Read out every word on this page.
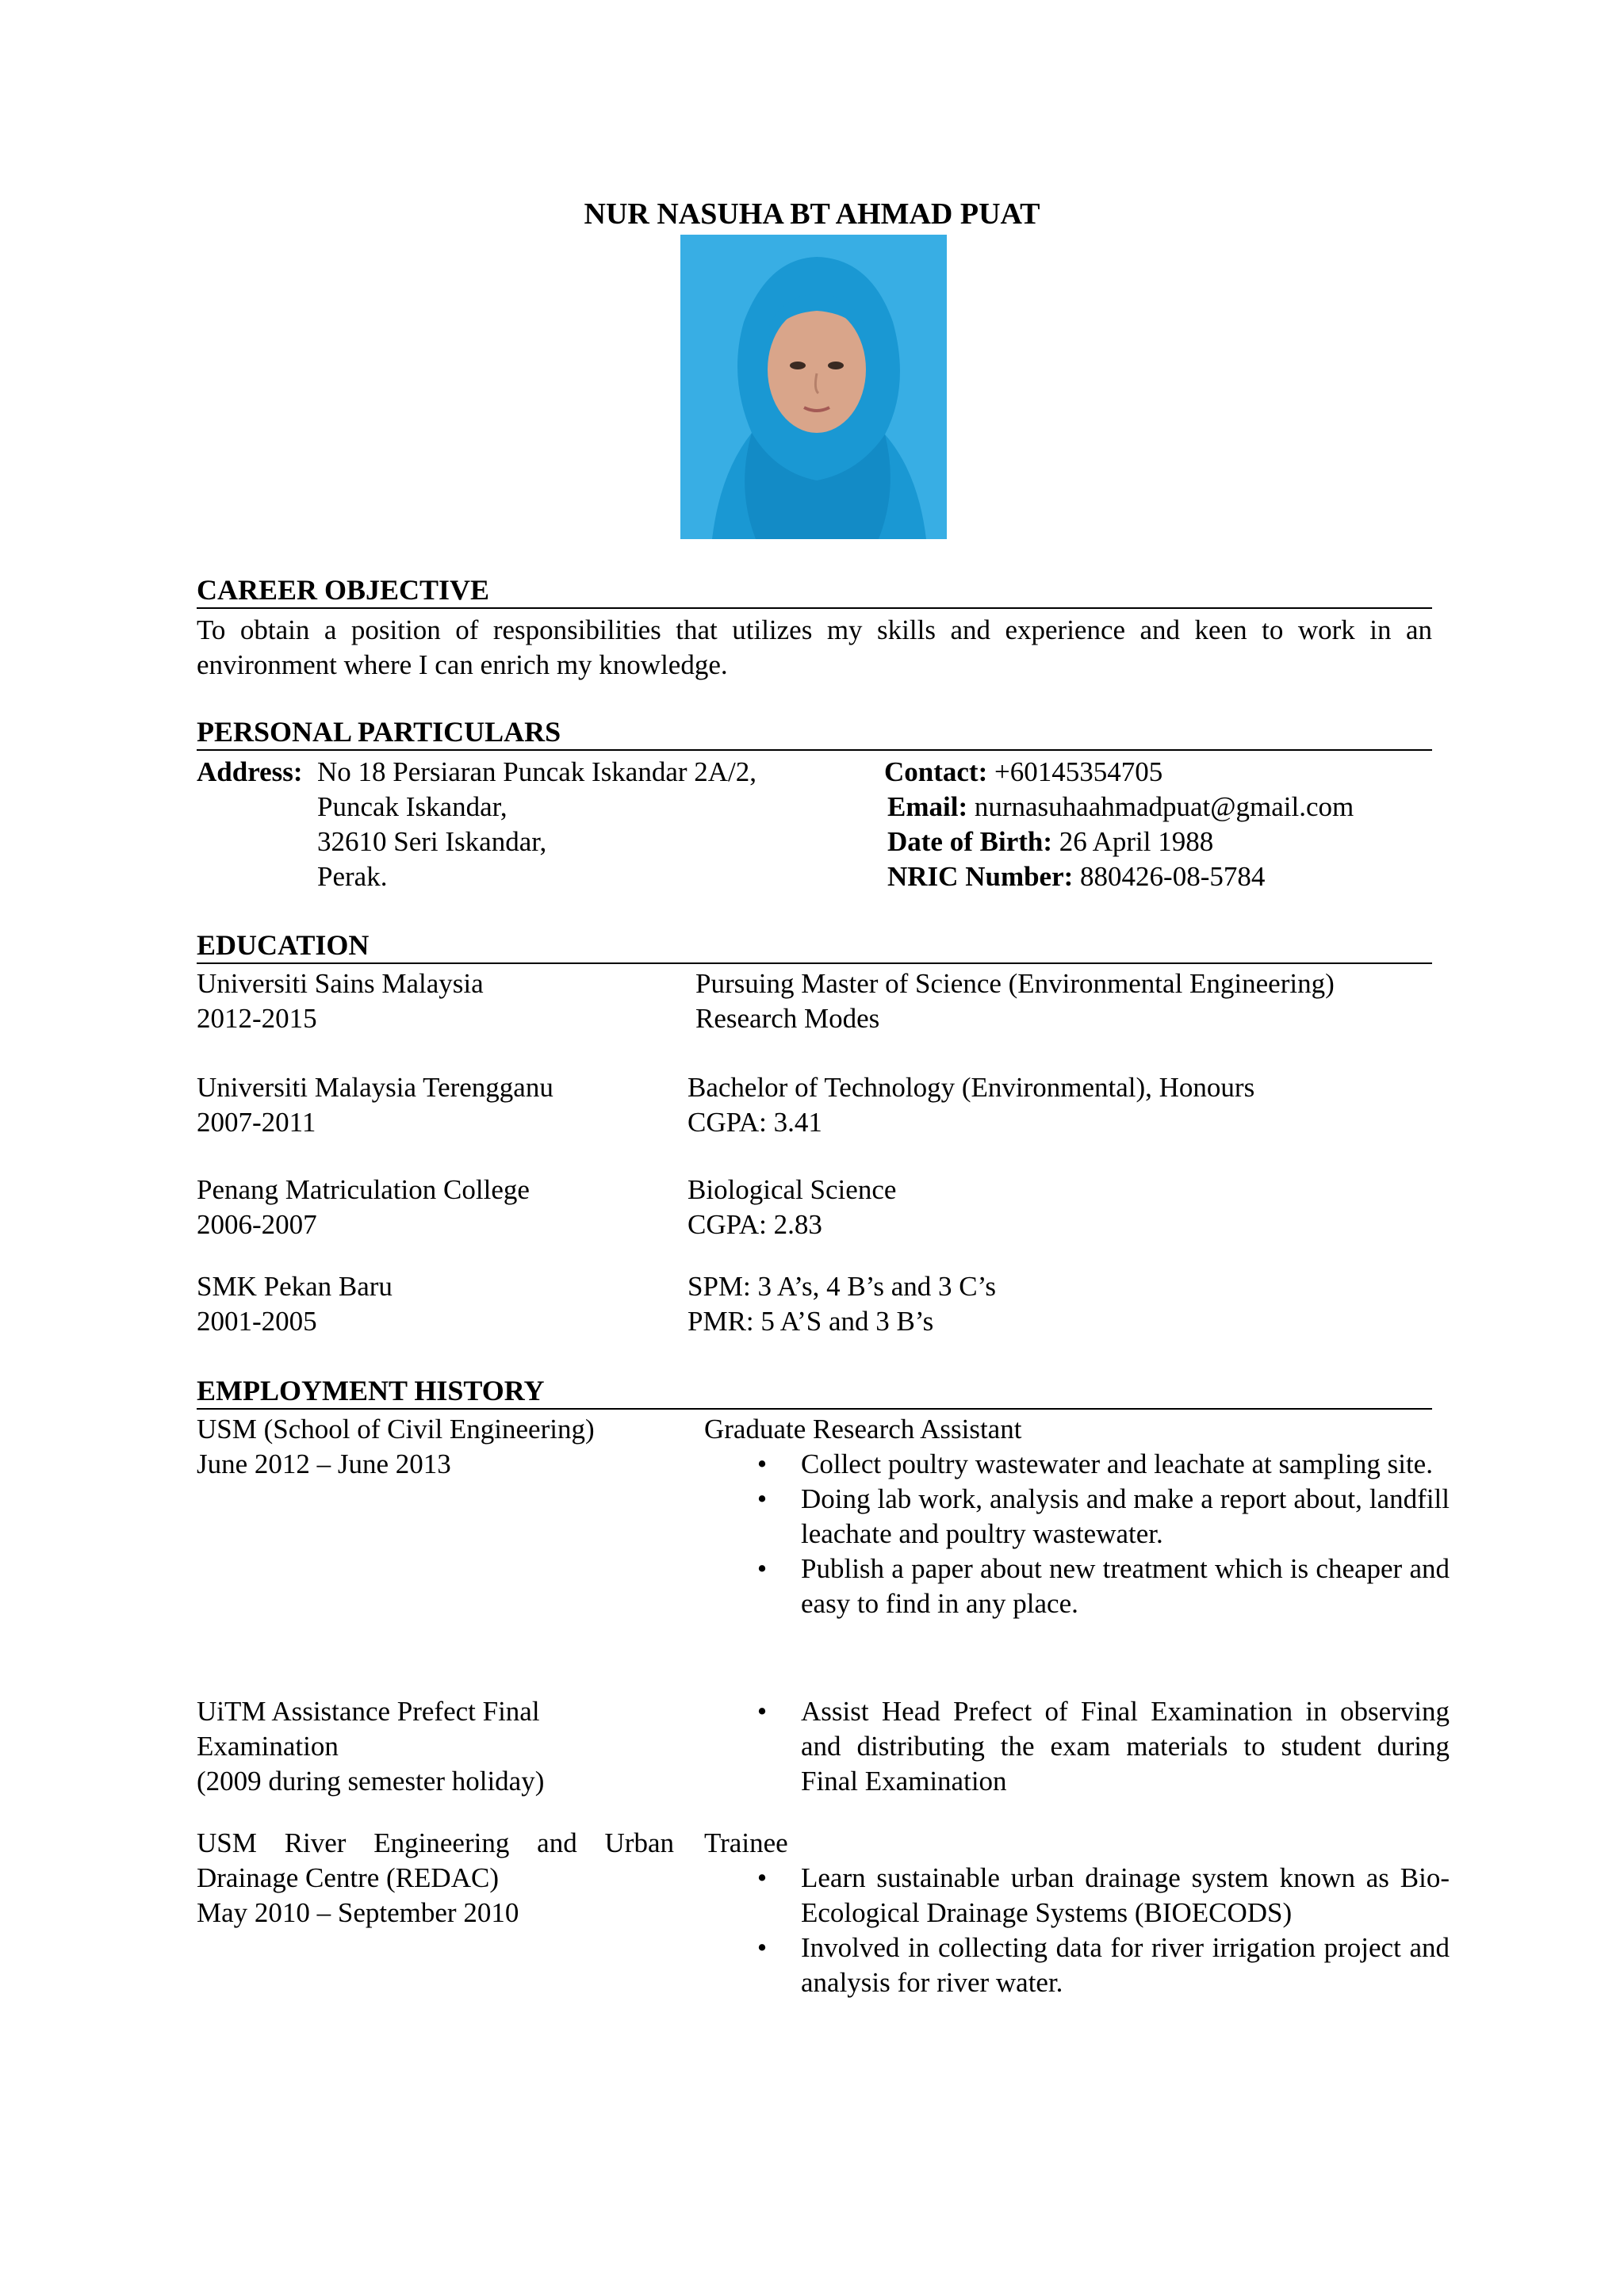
NUR NASUHA BT AHMAD PUAT
CAREER OBJECTIVE
To obtain a position of responsibilities that utilizes my skills and experience and keen to work in an
environment where I can enrich my knowledge.
PERSONAL PARTICULARS
Address: No 18 Persiaran Puncak Iskandar 2A/2,
Puncak Iskandar,
32610 Seri Iskandar,
Perak.
Contact: +60145354705
Email: nurnasuhaahmadpuat@gmail.com
Date of Birth: 26 April 1988
NRIC Number: 880426-08-5784
EDUCATION
Universiti Sains Malaysia
2012-2015
Pursuing Master of Science (Environmental Engineering)
Research Modes
Universiti Malaysia Terengganu
2007-2011
Bachelor of Technology (Environmental), Honours
CGPA: 3.41
Penang Matriculation College
2006-2007
Biological Science
CGPA: 2.83
SMK Pekan Baru
2001-2005
SPM: 3 A’s, 4 B’s and 3 C’s
PMR: 5 A’S and 3 B’s
EMPLOYMENT HISTORY
USM (School of Civil Engineering)
June 2012 – June 2013
Graduate Research Assistant
• Collect poultry wastewater and leachate at sampling site.
• Doing lab work, analysis and make a report about, landfill leachate and poultry wastewater.
• Publish a paper about new treatment which is cheaper and easy to find in any place.
UiTM Assistance Prefect Final
Examination
(2009 during semester holiday)
• Assist Head Prefect of Final Examination in observing and distributing the exam materials to student during Final Examination
USM River Engineering and Urban
Drainage Centre (REDAC)
May 2010 – September 2010
Trainee
• Learn sustainable urban drainage system known as Bio-Ecological Drainage Systems (BIOECODS)
• Involved in collecting data for river irrigation project and analysis for river water.
